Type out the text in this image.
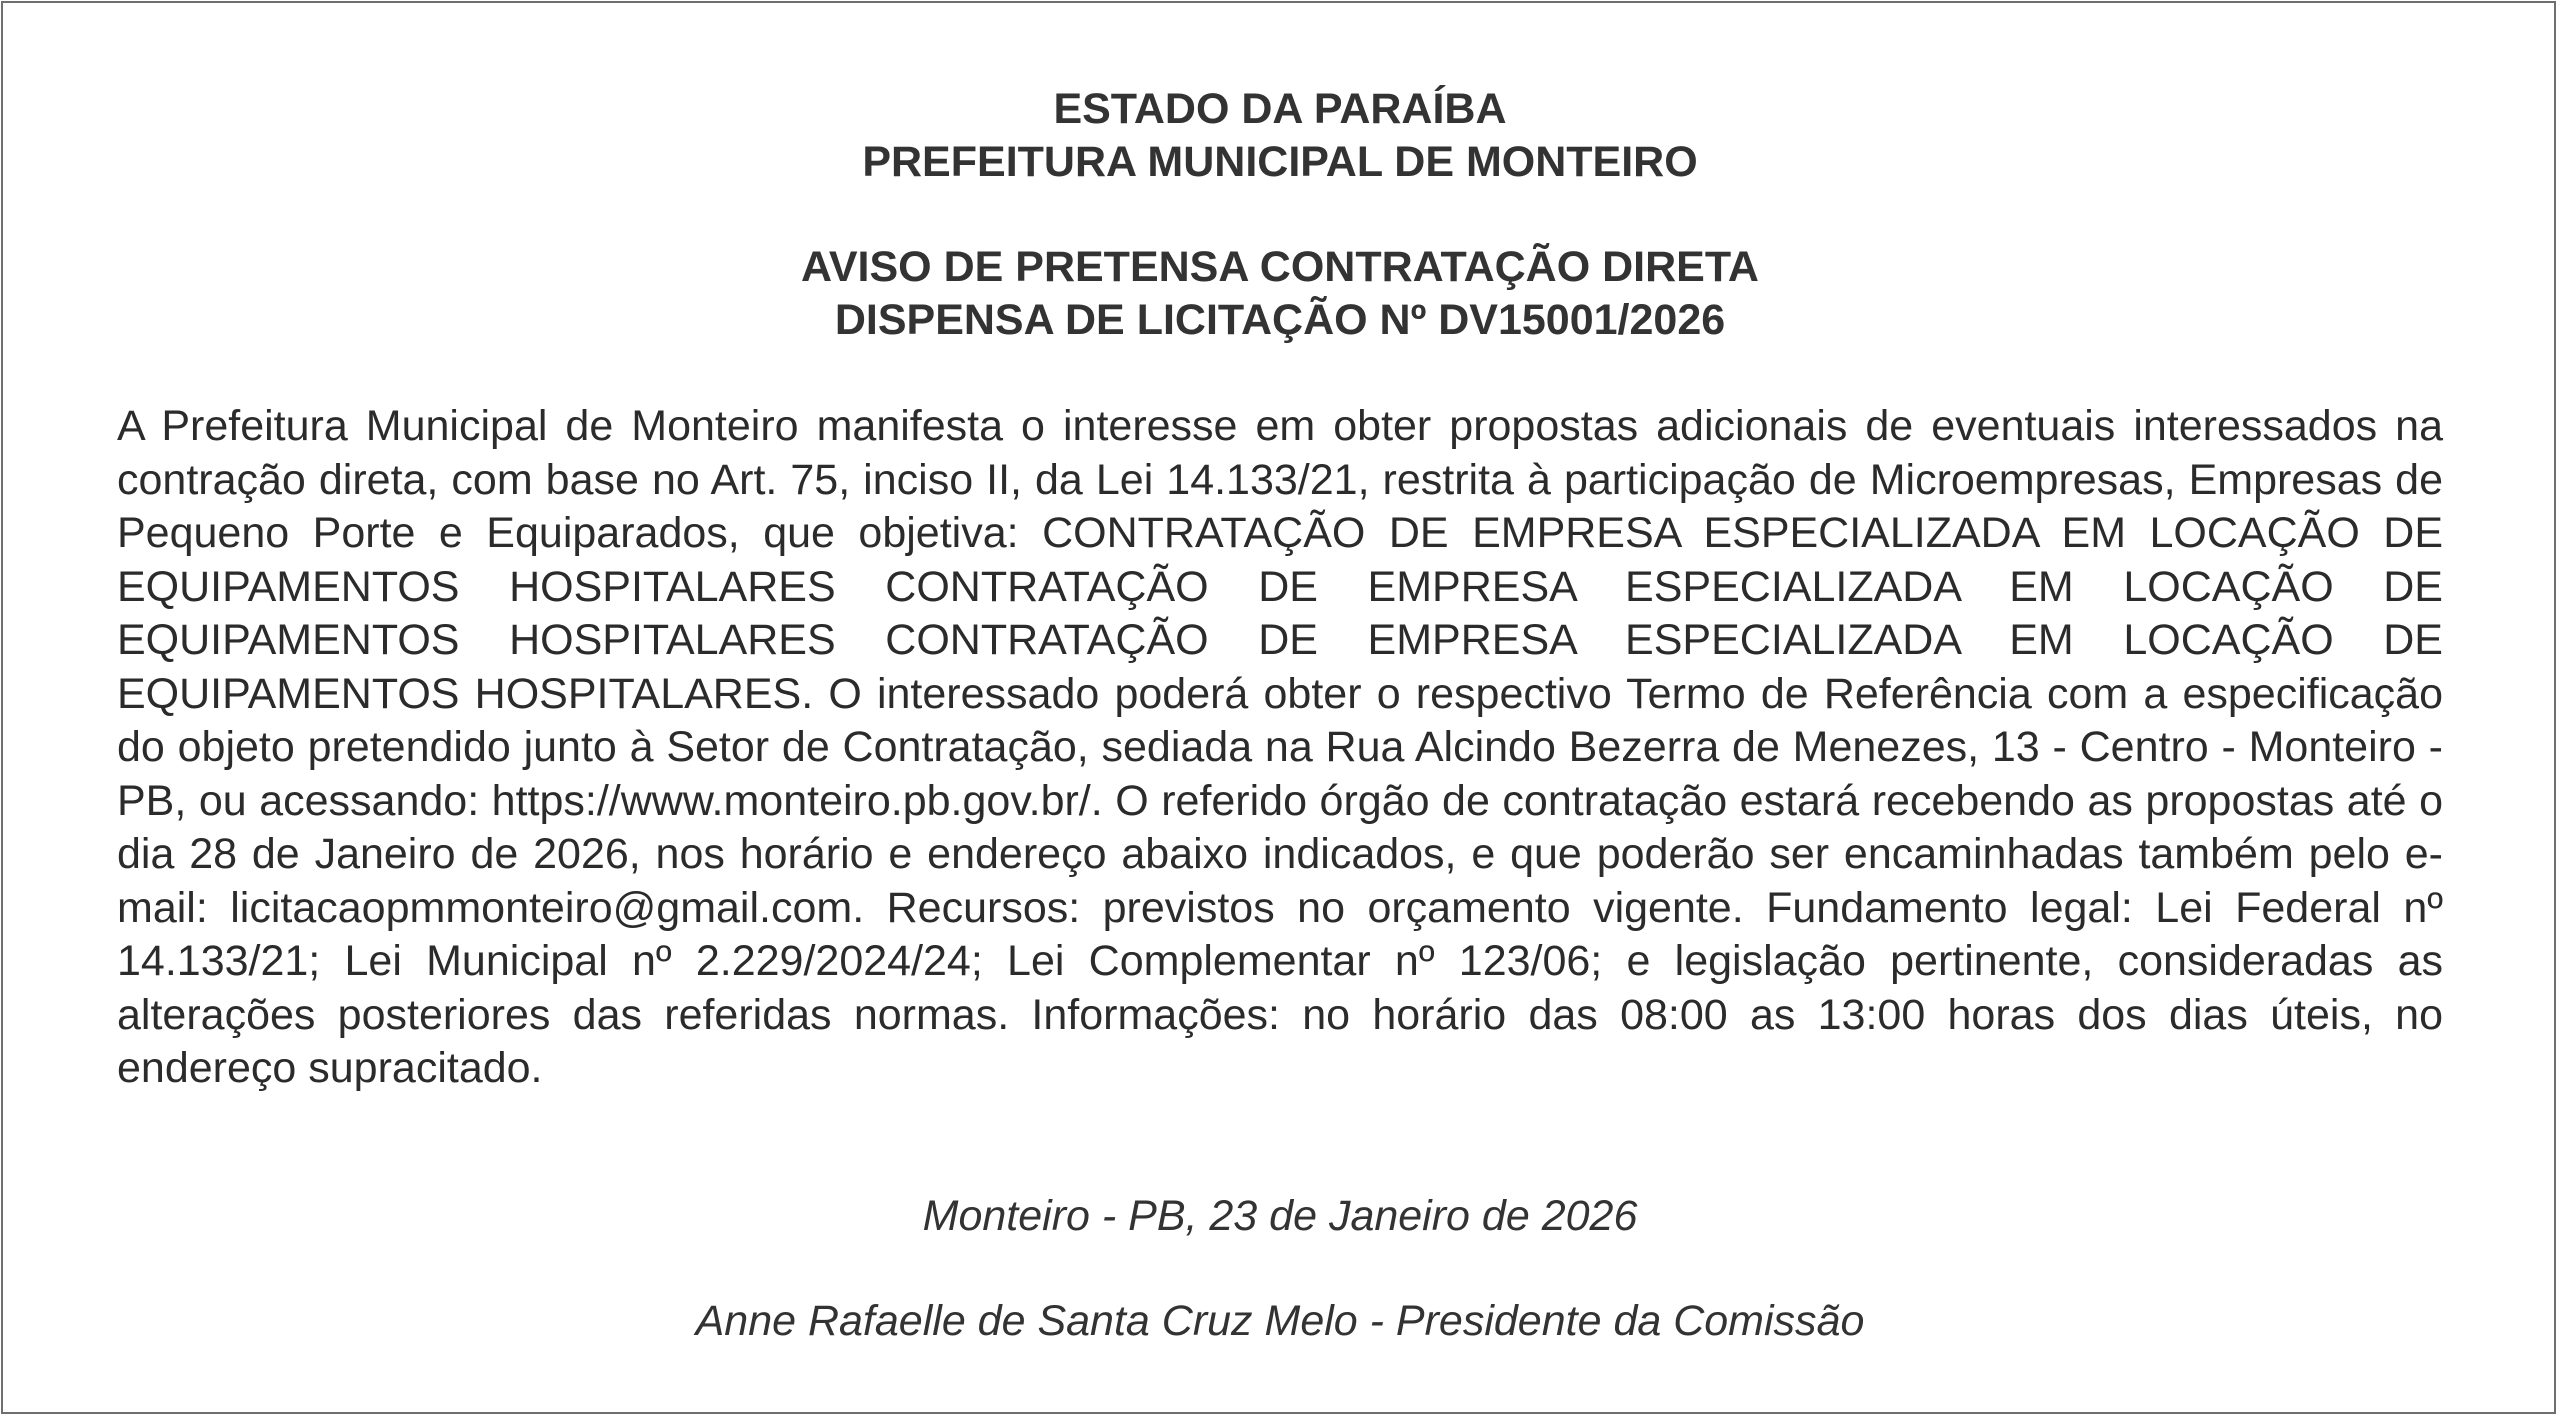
ESTADO DA PARAÍBA
PREFEITURA MUNICIPAL DE MONTEIRO
AVISO DE PRETENSA CONTRATAÇÃO DIRETA
DISPENSA DE LICITAÇÃO Nº DV15001/2026

A Prefeitura Municipal de Monteiro manifesta o interesse em obter propostas adicionais de eventuais interessados na contração direta, com base no Art. 75, inciso II, da Lei 14.133/21, restrita à participação de Microempresas, Empresas de Pequeno Porte e Equiparados, que objetiva: CONTRATAÇÃO DE EMPRESA ESPECIALIZADA EM LOCAÇÃO DE EQUIPAMENTOS HOSPITALARES CONTRATAÇÃO DE EMPRESA ESPECIALIZADA EM LOCAÇÃO DE EQUIPAMENTOS HOSPITALARES CONTRATAÇÃO DE EMPRESA ESPECIALIZADA EM LOCAÇÃO DE EQUIPAMENTOS HOSPITALARES. O interessado poderá obter o respectivo Termo de Referência com a especificação do objeto pretendido junto à Setor de Contratação, sediada na Rua Alcindo Bezerra de Menezes, 13 - Centro - Monteiro - PB, ou acessando: https://www.monteiro.pb.gov.br/. O referido órgão de contratação estará recebendo as propostas até o dia 28 de Janeiro de 2026, nos horário e endereço abaixo indicados, e que poderão ser encaminhadas também pelo e-mail: licitacaopmmonteiro@gmail.com. Recursos: previstos no orçamento vigente. Fundamento legal: Lei Federal nº 14.133/21; Lei Municipal nº 2.229/2024/24; Lei Complementar nº 123/06; e legislação pertinente, consideradas as alterações posteriores das referidas normas. Informações: no horário das 08:00 as 13:00 horas dos dias úteis, no endereço supracitado.

Monteiro - PB, 23 de Janeiro de 2026
Anne Rafaelle de Santa Cruz Melo - Presidente da Comissão
